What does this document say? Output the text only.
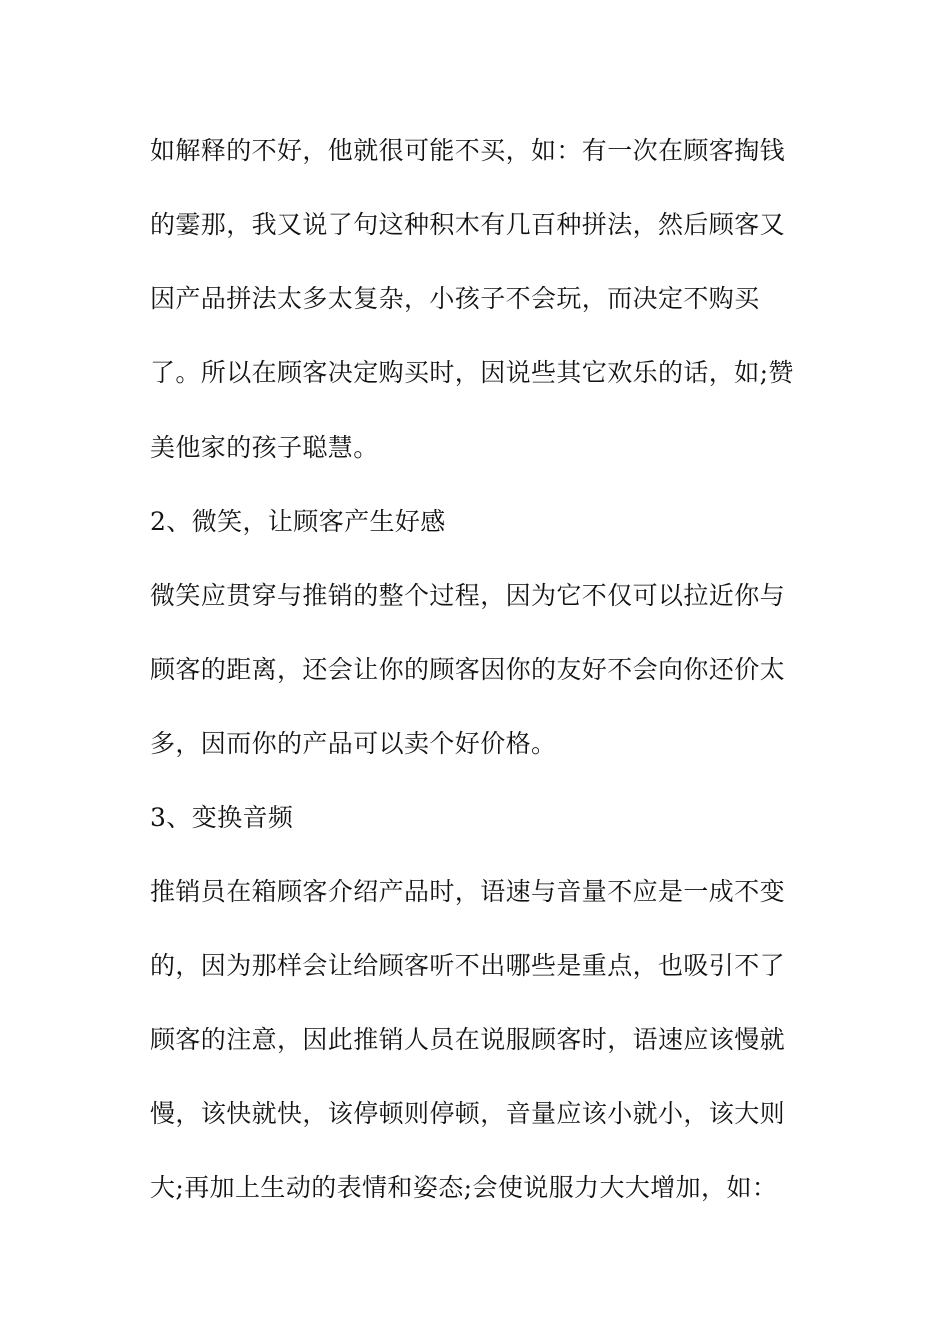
如解释的不好，他就很可能不买，如：有一次在顾客掏钱
的霎那，我又说了句这种积木有几百种拼法，然后顾客又
因产品拼法太多太复杂，小孩子不会玩，而决定不购买
了。所以在顾客决定购买时，因说些其它欢乐的话，如;赞
美他家的孩子聪慧。
2、微笑，让顾客产生好感
微笑应贯穿与推销的整个过程，因为它不仅可以拉近你与
顾客的距离，还会让你的顾客因你的友好不会向你还价太
多，因而你的产品可以卖个好价格。
3、变换音频
推销员在箱顾客介绍产品时，语速与音量不应是一成不变
的，因为那样会让给顾客听不出哪些是重点，也吸引不了
顾客的注意，因此推销人员在说服顾客时，语速应该慢就
慢，该快就快，该停顿则停顿，音量应该小就小，该大则
大;再加上生动的表情和姿态;会使说服力大大增加，如：
